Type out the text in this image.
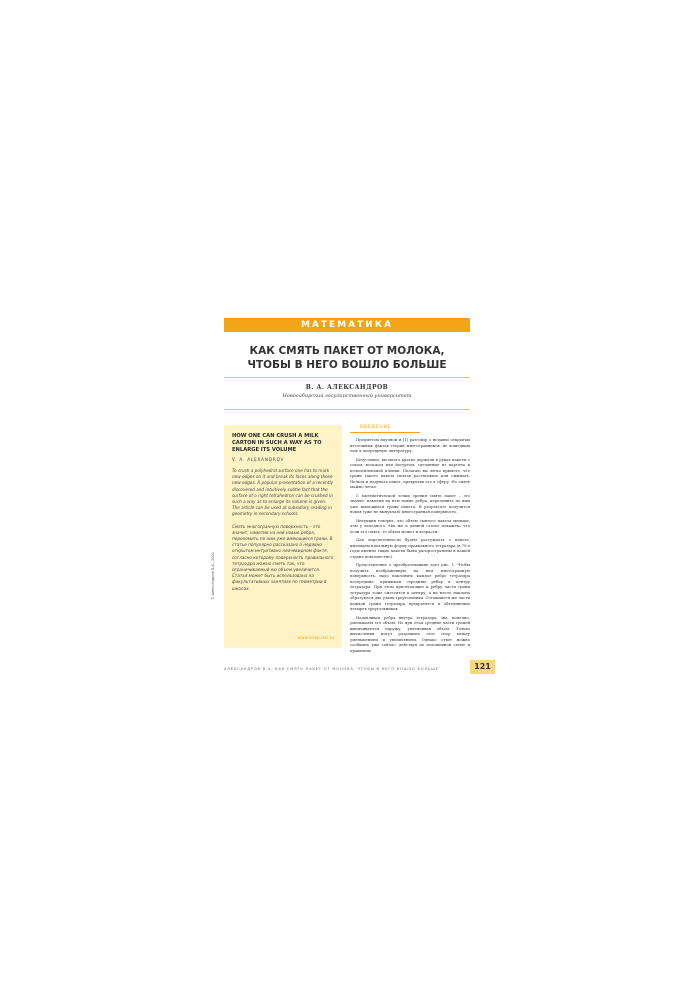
МАТЕМАТИКА
КАК СМЯТЬ ПАКЕТ ОТ МОЛОКА,
ЧТОБЫ В НЕГО ВОШЛО БОЛЬШЕ
В. А. АЛЕКСАНДРОВ
Новосибирский государственный университет

HOW ONE CAN CRUSH A MILK CARTON IN SUCH A WAY AS TO ENLARGE ITS VOLUME

V. A. ALEXANDROV

To crush a polyhedral surface one has to mark new edges on it and break its faces along those new edges. A popular presentation of a recently discovered and intuitively subtle fact that the surface of a right tetrahedron can be crushed in such a way as to enlarge its volume is given. The article can be used at subsidiary reading in geometry in secondary schools.

Смять многогранную поверхность – это значит, наметив на ней новые ребра, переломить по ним уже имеющиеся грани. В статье популярно рассказано о недавно открытом интуитивно неочевидном факте, согласно которому поверхность правильного тетраэдра можно смять так, что ограничиваемый ею объем увеличится. Статья может быть использована на факультативных занятиях по геометрии в школах.

www.issep.rssi.ru
© Александров В.А., 2001
ВВЕДЕНИЕ

Предметом научной и [1] разговор о недавно открытых несложных фактах теории многогранников, не вошедших еще в популярную литературу.

Безусловно, вы много кратко держали в руках пакеты с соком, молоком или йогуртом, сделанные из картона и полиэтиленовой пленки. Полагаю вы легко примете, что грани такого пакета нельзя растягивать или сжимать. Нельзя и надувать пакет, превратив его в сферу. Но смять можно легко.

С математической точки зрения смять пакет – это значит, наметив на нем новые ребра, переломить по ним уже имеющиеся грани пакета. В результате получится новая (уже не выпуклая) многогранная поверхность.

Интуиция говорит, что объем смятого пакета меньше, чем у исходного. Мы же в данной статье покажем, что если его смять, то объем может и возрасти!

Для определенности будем рассуждать о пакете, имеющем идеальную форму правильного тетраэдра (в 70-е годы именно такие пакеты были распространены в нашей стране повсеместно).

Представление о преобразованиях дает рис. 1. Чтобы получить изображенную на нем многогранную поверхность, надо наклонить каждое ребро тетраэдра посередине, прижимая середины ребер к центру тетраэдра. При этом прилегающие к ребру части грани тетраэдра тоже сместятся к центру, а на месте наклона образуются два узких треугольника. Оставшиеся же части каждой грани тетраэдра превратятся в объединение четырех треугольников.

Надавливая ребра внутрь тетраэдра, мы, конечно, уменьшаем его объем. Но при этом средние части граней выпячиваются наружу, увеличивая объем. Только вычисления могут разрешить этот спор между уменьшением и увеличением. Однако ответ можно сообщить уже сейчас: действуя по изложенной схеме и правильно

АЛЕКСАНДРОВ В.А. КАК СМЯТЬ ПАКЕТ ОТ МОЛОКА, ЧТОБЫ В НЕГО ВОШЛО БОЛЬШЕ	121
